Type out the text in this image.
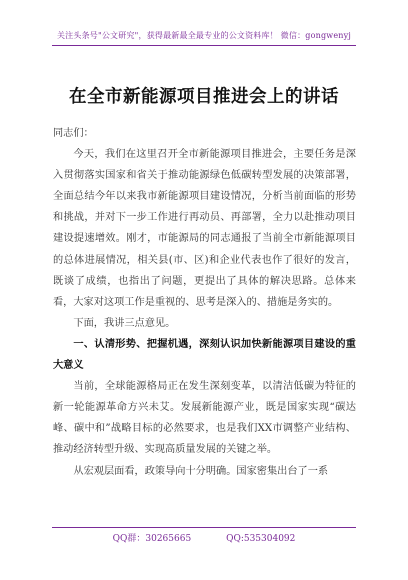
关注头条号"公文研究"，获得最新最全最专业的公文资料库！ 微信：gongwenyj
在全市新能源项目推进会上的讲话

同志们：

今天，我们在这里召开全市新能源项目推进会，主要任务是深入贯彻落实国家和省关于推动能源绿色低碳转型发展的决策部署，全面总结今年以来我市新能源项目建设情况，分析当前面临的形势和挑战，并对下一步工作进行再动员、再部署，全力以赴推动项目建设提速增效。刚才，市能源局的同志通报了当前全市新能源项目的总体进展情况，相关县(市、区)和企业代表也作了很好的发言，既谈了成绩，也指出了问题，更提出了具体的解决思路。总体来看，大家对这项工作是重视的、思考是深入的、措施是务实的。

下面，我讲三点意见。

一、认清形势、把握机遇，深刻认识加快新能源项目建设的重大意义

当前，全球能源格局正在发生深刻变革，以清洁低碳为特征的新一轮能源革命方兴未艾。发展新能源产业，既是国家实现“碳达峰、碳中和”战略目标的必然要求，也是我们XX市调整产业结构、推动经济转型升级、实现高质量发展的关键之举。

从宏观层面看，政策导向十分明确。国家密集出台了一系

QQ群：30265665	QQ:535304092
